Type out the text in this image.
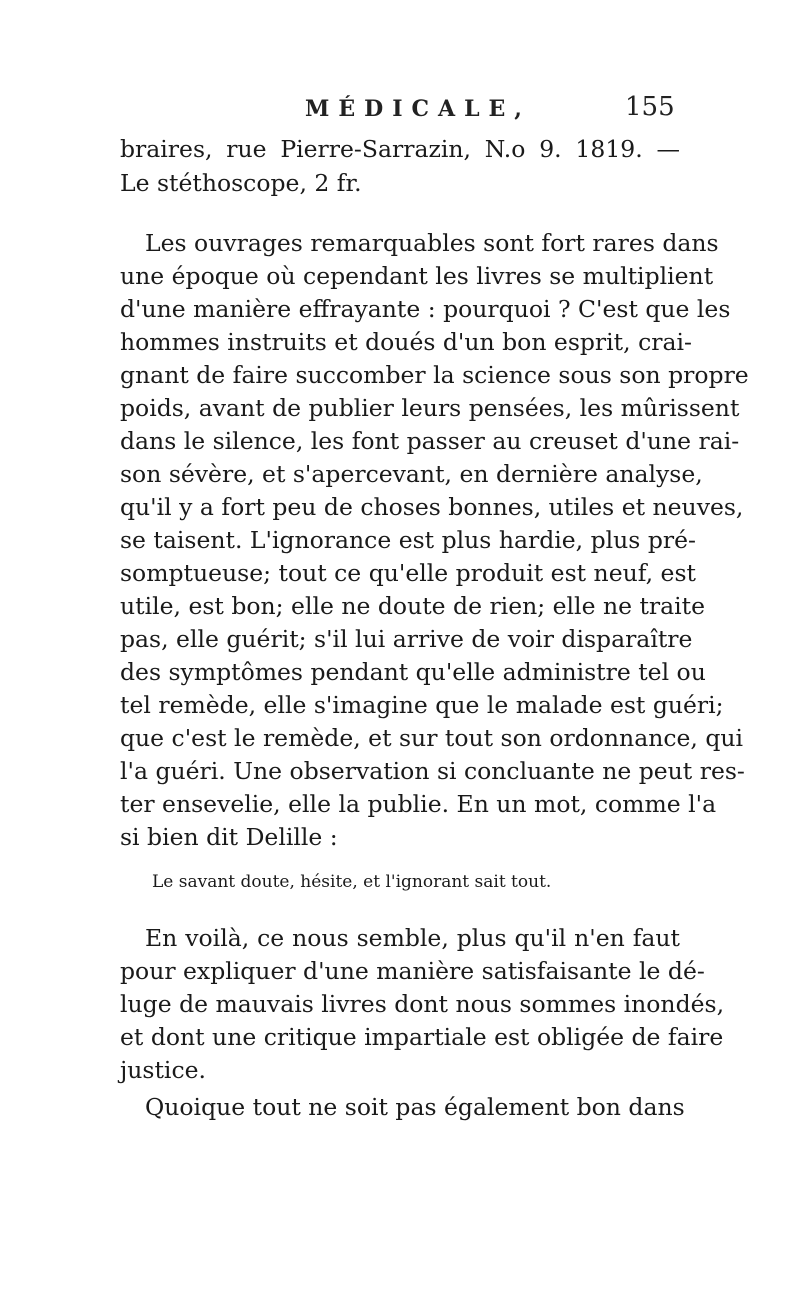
MÉDICALE,	155
braires, rue Pierre-Sarrazin, N.o 9. 1819. —
Le stéthoscope, 2 fr.
Les ouvrages remarquables sont fort rares dans
une époque où cependant les livres se multiplient
d'une manière effrayante : pourquoi ? C'est que les
hommes instruits et doués d'un bon esprit, crai-
gnant de faire succomber la science sous son propre
poids, avant de publier leurs pensées, les mûrissent
dans le silence, les font passer au creuset d'une rai-
son sévère, et s'apercevant, en dernière analyse,
qu'il y a fort peu de choses bonnes, utiles et neuves,
se taisent. L'ignorance est plus hardie, plus pré-
somptueuse; tout ce qu'elle produit est neuf, est
utile, est bon; elle ne doute de rien; elle ne traite
pas, elle guérit; s'il lui arrive de voir disparaître
des symptômes pendant qu'elle administre tel ou
tel remède, elle s'imagine que le malade est guéri;
que c'est le remède, et sur tout son ordonnance, qui
l'a guéri. Une observation si concluante ne peut res-
ter ensevelie, elle la publie. En un mot, comme l'a
si bien dit Delille :
Le savant doute, hésite, et l'ignorant sait tout.
En voilà, ce nous semble, plus qu'il n'en faut
pour expliquer d'une manière satisfaisante le dé-
luge de mauvais livres dont nous sommes inondés,
et dont une critique impartiale est obligée de faire
justice.
Quoique tout ne soit pas également bon dans
